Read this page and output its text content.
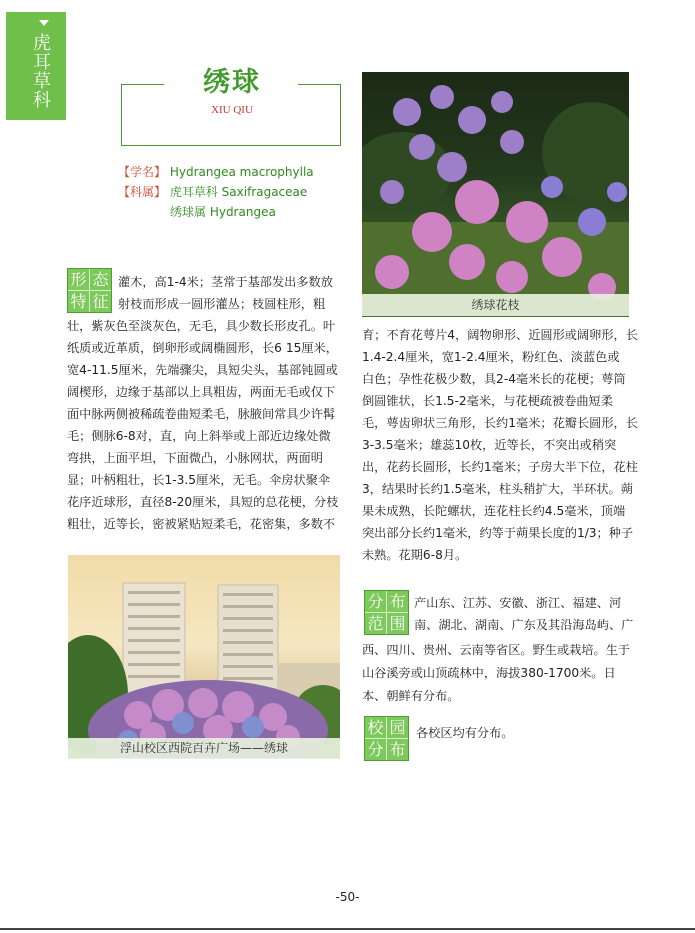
虎耳草科
绣球
XIU QIU
【学名】 Hydrangea macrophylla
【科属】 虎耳草科 Saxifragaceae
绣球属 Hydrangea
形 态
特 征
灌木，高1-4米；茎常于基部发出多数放
射枝而形成一圆形灌丛；枝圆柱形，粗
壮，紫灰色至淡灰色，无毛，具少数长形皮孔。叶
纸质或近革质，倒卵形或阔椭圆形，长6 15厘米，
宽4-11.5厘米，先端骤尖，具短尖头，基部钝圆或
阔楔形，边缘于基部以上具粗齿，两面无毛或仅下
面中脉两侧被稀疏卷曲短柔毛，脉腋间常具少许髯
毛；侧脉6-8对，直，向上斜举或上部近边缘处微
弯拱，上面平坦，下面微凸，小脉网状，两面明
显；叶柄粗壮，长1-3.5厘米，无毛。伞房状聚伞
花序近球形，直径8-20厘米，具短的总花梗，分枝
粗壮，近等长，密被紧贴短柔毛，花密集，多数不
浮山校区西院百卉广场——绣球
绣球花枝
育；不育花萼片4，阔物卵形、近圆形或阔卵形，长
1.4-2.4厘米，宽1-2.4厘米，粉红色、淡蓝色或
白色；孕性花极少数，具2-4毫米长的花梗；萼筒
倒圆锥状，长1.5-2毫米，与花梗疏被卷曲短柔
毛，萼齿卵状三角形，长约1毫米；花瓣长圆形，长
3-3.5毫米；雄蕊10枚，近等长，不突出或稍突
出，花药长圆形，长约1毫米；子房大半下位，花柱
3，结果时长约1.5毫米，柱头稍扩大，半环状。蒴
果未成熟，长陀螺状，连花柱长约4.5毫米，顶端
突出部分长约1毫米，约等于蒴果长度的1/3；种子
未熟。花期6-8月。
分 布
范 围
产山东、江苏、安徽、浙江、福建、河
南、湖北、湖南、广东及其沿海岛屿、广
西、四川、贵州、云南等省区。野生或栽培。生于
山谷溪旁或山顶疏林中，海拔380-1700米。日
本、朝鲜有分布。
校 园
分 布
各校区均有分布。
-50-
